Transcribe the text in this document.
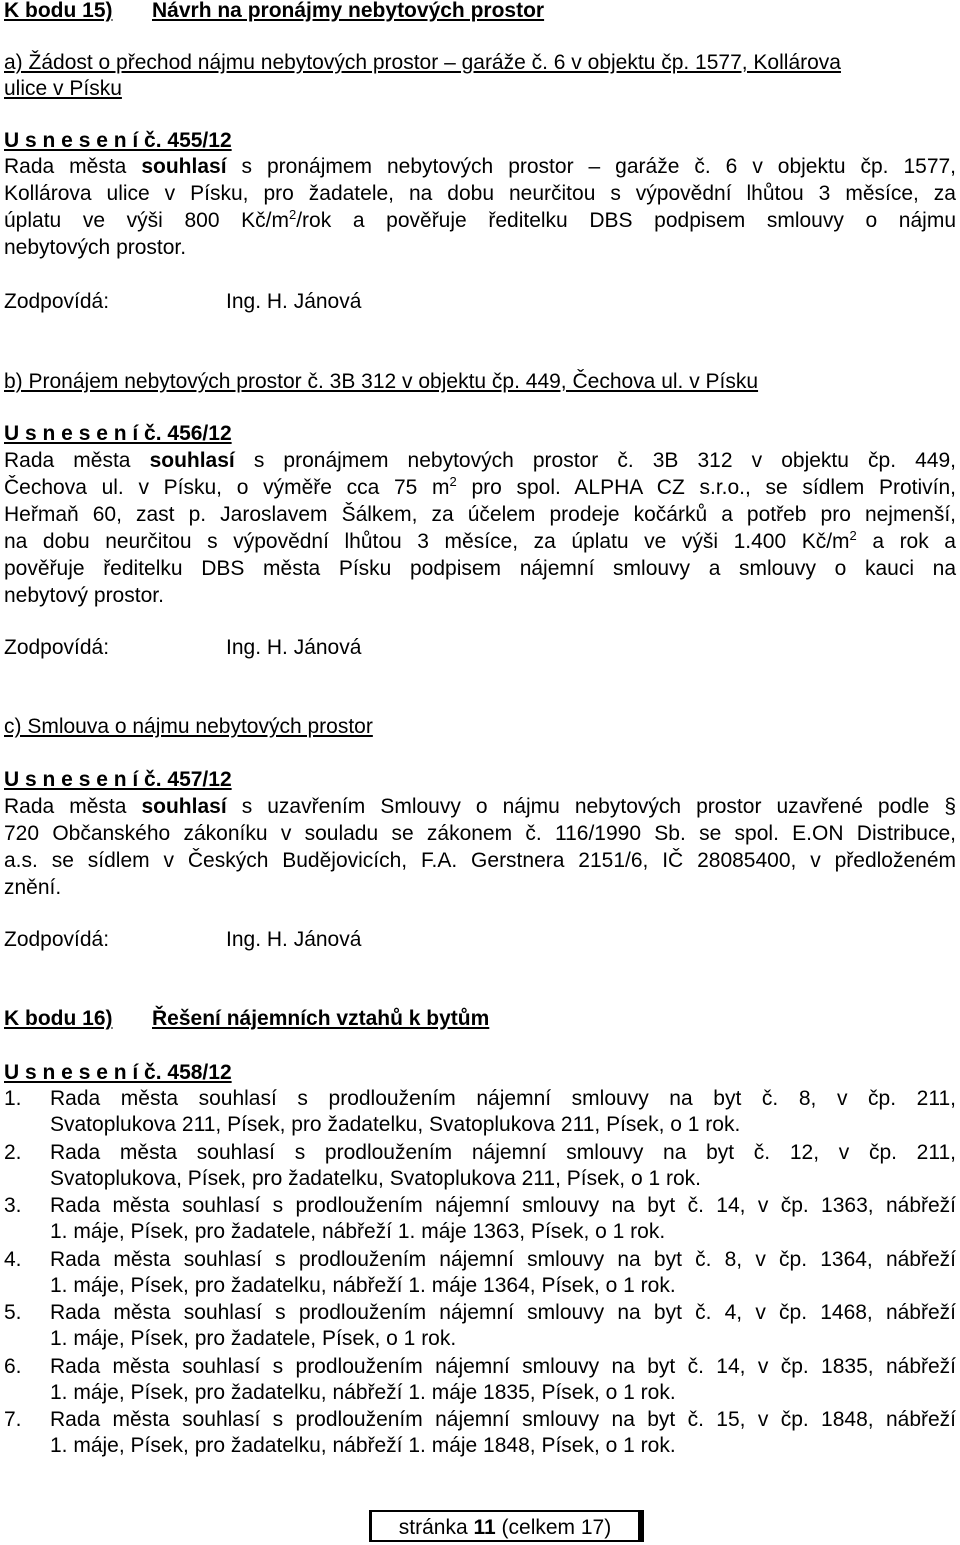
K bodu 15) Návrh na pronájmy nebytových prostor
a) Žádost o přechod nájmu nebytových prostor – garáže č. 6 v objektu čp. 1577, Kollárova
ulice v Písku
U s n e s e n í č. 455/12
Rada města souhlasí s pronájmem nebytových prostor – garáže č. 6 v objektu čp. 1577,
Kollárova ulice v Písku, pro žadatele, na dobu neurčitou s výpovědní lhůtou 3 měsíce, za
úplatu ve výši 800 $Kč/m^2$/rok a pověřuje ředitelku DBS podpisem smlouvy o nájmu
nebytových prostor.
Zodpovídá:	Ing. H. Jánová
b) Pronájem nebytových prostor č. 3B 312 v objektu čp. 449, Čechova ul. v Písku
U s n e s e n í č. 456/12
Rada města souhlasí s pronájmem nebytových prostor č. 3B 312 v objektu čp. 449,
Čechova ul. v Písku, o výměře cca 75 $m^2$ pro spol. ALPHA CZ s.r.o., se sídlem Protivín,
Heřmaň 60, zast p. Jaroslavem Šálkem, za účelem prodeje kočárků a potřeb pro nejmenší,
na dobu neurčitou s výpovědní lhůtou 3 měsíce, za úplatu ve výši 1.400 $Kč/m^2$ a rok a
pověřuje ředitelku DBS města Písku podpisem nájemní smlouvy a smlouvy o kauci na
nebytový prostor.
Zodpovídá:	Ing. H. Jánová
c) Smlouva o nájmu nebytových prostor
U s n e s e n í č. 457/12
Rada města souhlasí s uzavřením Smlouvy o nájmu nebytových prostor uzavřené podle §
720 Občanského zákoníku v souladu se zákonem č. 116/1990 Sb. se spol. E.ON Distribuce,
a.s. se sídlem v Českých Budějovicích, F.A. Gerstnera 2151/6, IČ 28085400, v předloženém
znění.
Zodpovídá:	Ing. H. Jánová
K bodu 16) Řešení nájemních vztahů k bytům
U s n e s e n í č. 458/12
1. Rada města souhlasí s prodloužením nájemní smlouvy na byt č. 8, v čp. 211,
Svatoplukova 211, Písek, pro žadatelku, Svatoplukova 211, Písek, o 1 rok.
2. Rada města souhlasí s prodloužením nájemní smlouvy na byt č. 12, v čp. 211,
Svatoplukova, Písek, pro žadatelku, Svatoplukova 211, Písek, o 1 rok.
3. Rada města souhlasí s prodloužením nájemní smlouvy na byt č. 14, v čp. 1363, nábřeží
1. máje, Písek, pro žadatele, nábřeží 1. máje 1363, Písek, o 1 rok.
4. Rada města souhlasí s prodloužením nájemní smlouvy na byt č. 8, v čp. 1364, nábřeží
1. máje, Písek, pro žadatelku, nábřeží 1. máje 1364, Písek, o 1 rok.
5. Rada města souhlasí s prodloužením nájemní smlouvy na byt č. 4, v čp. 1468, nábřeží
1. máje, Písek, pro žadatele, Písek, o 1 rok.
6. Rada města souhlasí s prodloužením nájemní smlouvy na byt č. 14, v čp. 1835, nábřeží
1. máje, Písek, pro žadatelku, nábřeží 1. máje 1835, Písek, o 1 rok.
7. Rada města souhlasí s prodloužením nájemní smlouvy na byt č. 15, v čp. 1848, nábřeží
1. máje, Písek, pro žadatelku, nábřeží 1. máje 1848, Písek, o 1 rok.
stránka 11 (celkem 17)
